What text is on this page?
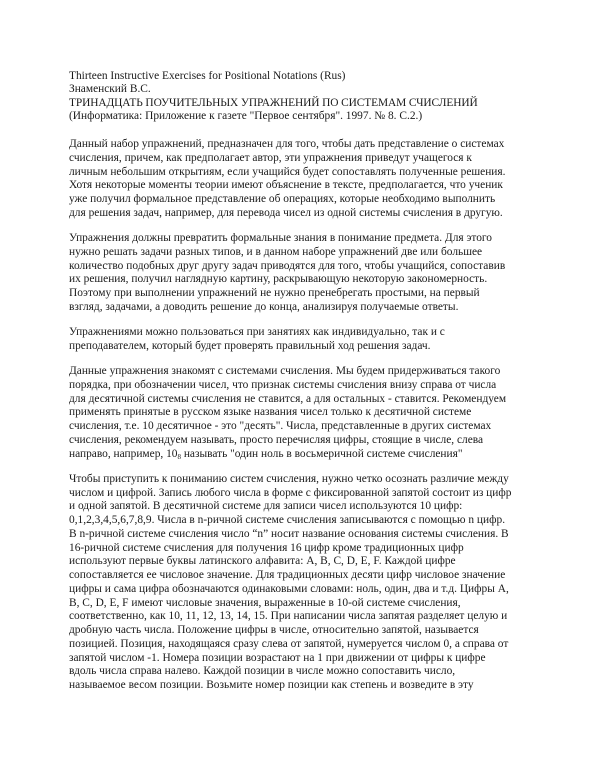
Thirteen Instructive Exercises for Positional Notations (Rus)
Знаменский В.С.
ТРИНАДЦАТЬ ПОУЧИТЕЛЬНЫХ УПРАЖНЕНИЙ ПО СИСТЕМАМ СЧИСЛЕНИЙ
(Информатика: Приложение к газете "Первое сентября". 1997. № 8. С.2.)

Данный набор упражнений, предназначен для того, чтобы дать представление о системах
счисления, причем, как предполагает автор, эти упражнения приведут учащегося к
личным небольшим открытиям, если учащийся будет сопоставлять полученные решения.
Хотя некоторые моменты теории имеют объяснение в тексте, предполагается, что ученик
уже получил формальное представление об операциях, которые необходимо выполнить
для решения задач, например, для перевода чисел из одной системы счисления в другую.

Упражнения должны превратить формальные знания в понимание предмета. Для этого
нужно решать задачи разных типов, и в данном наборе упражнений две или большее
количество подобных друг другу задач приводятся для того, чтобы учащийся, сопоставив
их решения, получил наглядную картину, раскрывающую некоторую закономерность.
Поэтому при выполнении упражнений не нужно пренебрегать простыми, на первый
взгляд, задачами, а доводить решение до конца, анализируя получаемые ответы.

Упражнениями можно пользоваться при занятиях как индивидуально, так и с
преподавателем, который будет проверять правильный ход решения задач.

Данные упражнения знакомят с системами счисления. Мы будем придерживаться такого
порядка, при обозначении чисел, что признак системы счисления внизу справа от числа
для десятичной системы счисления не ставится, а для остальных - ставится. Рекомендуем
применять принятые в русском языке названия чисел только к десятичной системе
счисления, т.е. 10 десятичное - это "десять". Числа, представленные в других системах
счисления, рекомендуем называть, просто перечисляя цифры, стоящие в числе, слева
направо, например, $10_8$ называть "один ноль в восьмеричной системе счисления"

Чтобы приступить к пониманию систем счисления, нужно четко осознать различие между
числом и цифрой. Запись любого числа в форме с фиксированной запятой состоит из цифр
и одной запятой. В десятичной системе для записи чисел используются 10 цифр:
0,1,2,3,4,5,6,7,8,9. Числа в n-ричной системе счисления записываются с помощью n цифр.
В n-ричной системе счисления число “n” носит название основания системы счисления. В
16-ричной системе счисления для получения 16 цифр кроме традиционных цифр
используют первые буквы латинского алфавита: A, B, C, D, E, F. Каждой цифре
сопоставляется ее числовое значение. Для традиционных десяти цифр числовое значение
цифры и сама цифра обозначаются одинаковыми словами: ноль, один, два и т.д. Цифры A,
B, C, D, E, F имеют числовые значения, выраженные в 10-ой системе счисления,
соответственно, как 10, 11, 12, 13, 14, 15. При написании числа запятая разделяет целую и
дробную часть числа. Положение цифры в числе, относительно запятой, называется
позицией. Позиция, находящаяся сразу слева от запятой, нумеруется числом 0, а справа от
запятой числом -1. Номера позиции возрастают на 1 при движении от цифры к цифре
вдоль числа справа налево. Каждой позиции в числе можно сопоставить число,
называемое весом позиции. Возьмите номер позиции как степень и возведите в эту
